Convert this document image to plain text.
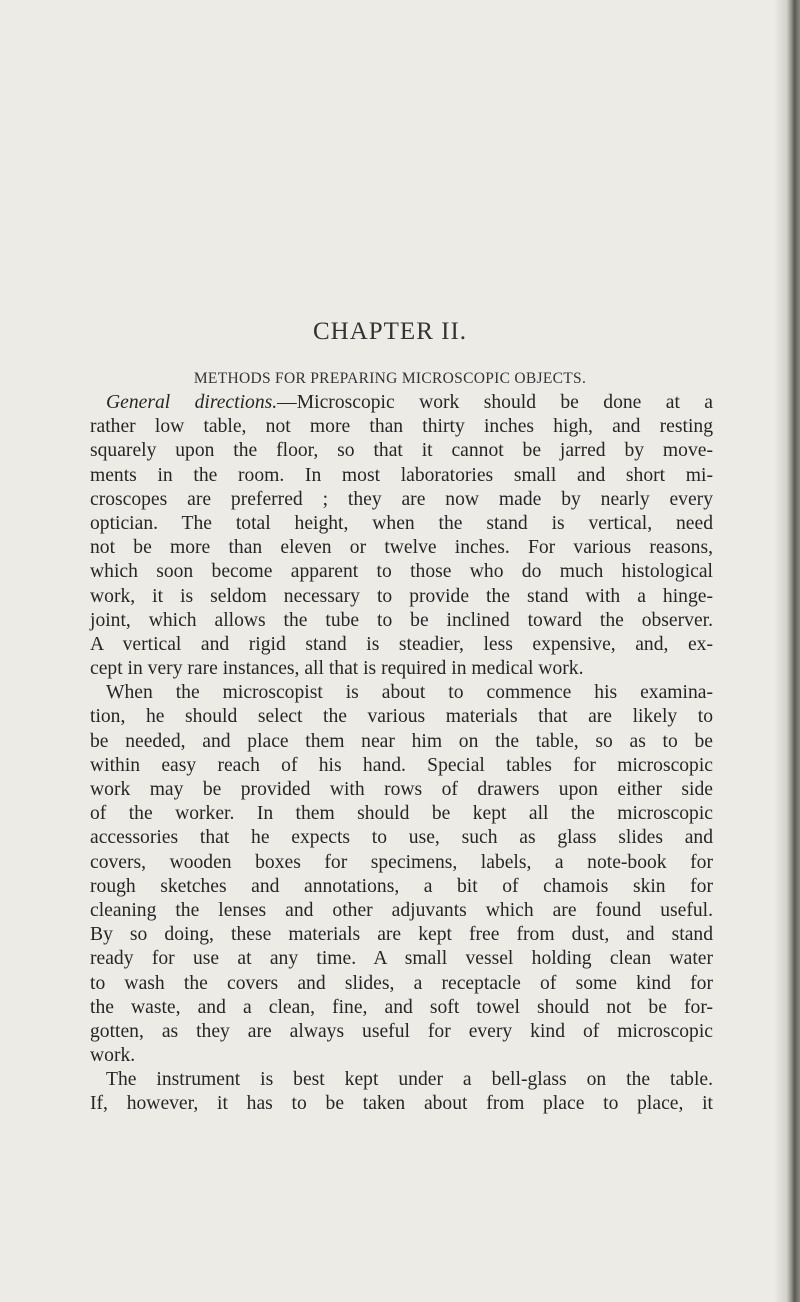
CHAPTER II.
METHODS FOR PREPARING MICROSCOPIC OBJECTS.
General directions.—Microscopic work should be done at a
rather low table, not more than thirty inches high, and resting
squarely upon the floor, so that it cannot be jarred by move-
ments in the room. In most laboratories small and short mi-
croscopes are preferred ; they are now made by nearly every
optician. The total height, when the stand is vertical, need
not be more than eleven or twelve inches. For various reasons,
which soon become apparent to those who do much histological
work, it is seldom necessary to provide the stand with a hinge-
joint, which allows the tube to be inclined toward the observer.
A vertical and rigid stand is steadier, less expensive, and, ex-
cept in very rare instances, all that is required in medical work.
When the microscopist is about to commence his examina-
tion, he should select the various materials that are likely to
be needed, and place them near him on the table, so as to be
within easy reach of his hand. Special tables for microscopic
work may be provided with rows of drawers upon either side
of the worker. In them should be kept all the microscopic
accessories that he expects to use, such as glass slides and
covers, wooden boxes for specimens, labels, a note-book for
rough sketches and annotations, a bit of chamois skin for
cleaning the lenses and other adjuvants which are found useful.
By so doing, these materials are kept free from dust, and stand
ready for use at any time. A small vessel holding clean water
to wash the covers and slides, a receptacle of some kind for
the waste, and a clean, fine, and soft towel should not be for-
gotten, as they are always useful for every kind of microscopic
work.
The instrument is best kept under a bell-glass on the table.
If, however, it has to be taken about from place to place, it
